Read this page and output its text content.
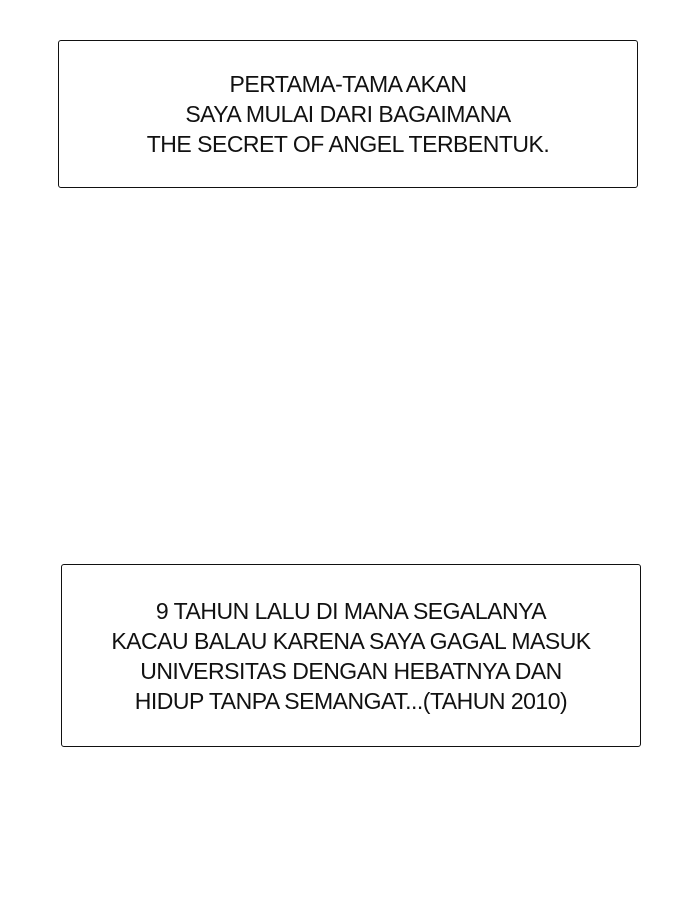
PERTAMA-TAMA AKAN
SAYA MULAI DARI BAGAIMANA
THE SECRET OF ANGEL TERBENTUK.
9 TAHUN LALU DI MANA SEGALANYA
KACAU BALAU KARENA SAYA GAGAL MASUK
UNIVERSITAS DENGAN HEBATNYA DAN
HIDUP TANPA SEMANGAT...(TAHUN 2010)
